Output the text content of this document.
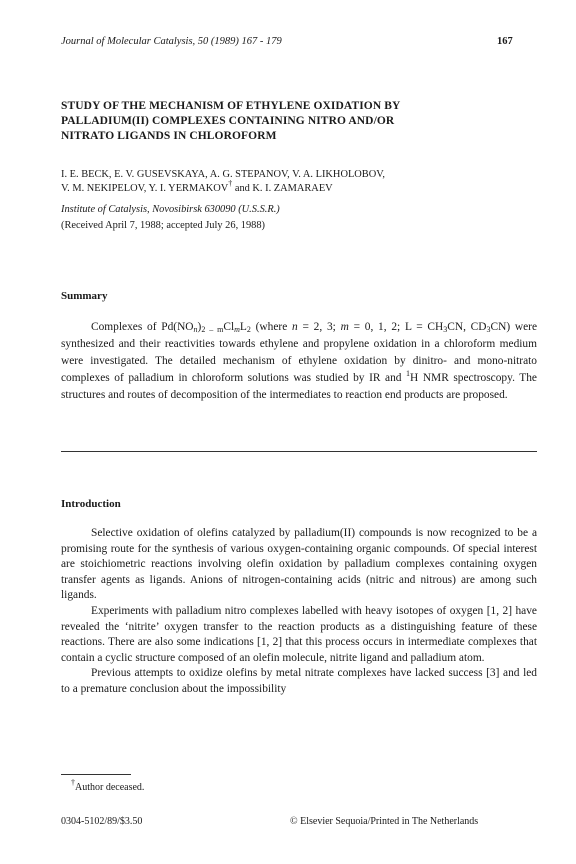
Journal of Molecular Catalysis, 50 (1989) 167 - 179	167
STUDY OF THE MECHANISM OF ETHYLENE OXIDATION BY
PALLADIUM(II) COMPLEXES CONTAINING NITRO AND/OR
NITRATO LIGANDS IN CHLOROFORM
I. E. BECK, E. V. GUSEVSKAYA, A. G. STEPANOV, V. A. LIKHOLOBOV,
V. M. NEKIPELOV, Y. I. YERMAKOV† and K. I. ZAMARAEV
Institute of Catalysis, Novosibirsk 630090 (U.S.S.R.)
(Received April 7, 1988; accepted July 26, 1988)
Summary
Complexes of $Pd(NO_n)_{2 - m}Cl_mL_2$ (where n = 2, 3; m = 0, 1, 2; $L = CH_3CN$, $CD_3CN$) were synthesized and their reactivities towards ethylene and propylene oxidation in a chloroform medium were investigated. The detailed mechanism of ethylene oxidation by dinitro- and mono-nitrato complexes of palladium in chloroform solutions was studied by IR and $^1$H NMR spectroscopy. The structures and routes of decomposition of the intermediates to reaction end products are proposed.
Introduction

Selective oxidation of olefins catalyzed by palladium(II) compounds is now recognized to be a promising route for the synthesis of various oxygen-containing organic compounds. Of special interest are stoichiometric reactions involving olefin oxidation by palladium complexes containing oxygen transfer agents as ligands. Anions of nitrogen-containing acids (nitric and nitrous) are among such ligands.

Experiments with palladium nitro complexes labelled with heavy isotopes of oxygen [1, 2] have revealed the ‘nitrite’ oxygen transfer to the reaction products as a distinguishing feature of these reactions. There are also some indications [1, 2] that this process occurs in intermediate complexes that contain a cyclic structure composed of an olefin molecule, nitrite ligand and palladium atom.

Previous attempts to oxidize olefins by metal nitrate complexes have lacked success [3] and led to a premature conclusion about the impossibility

†Author deceased.
0304-5102/89/$3.50	© Elsevier Sequoia/Printed in The Netherlands
